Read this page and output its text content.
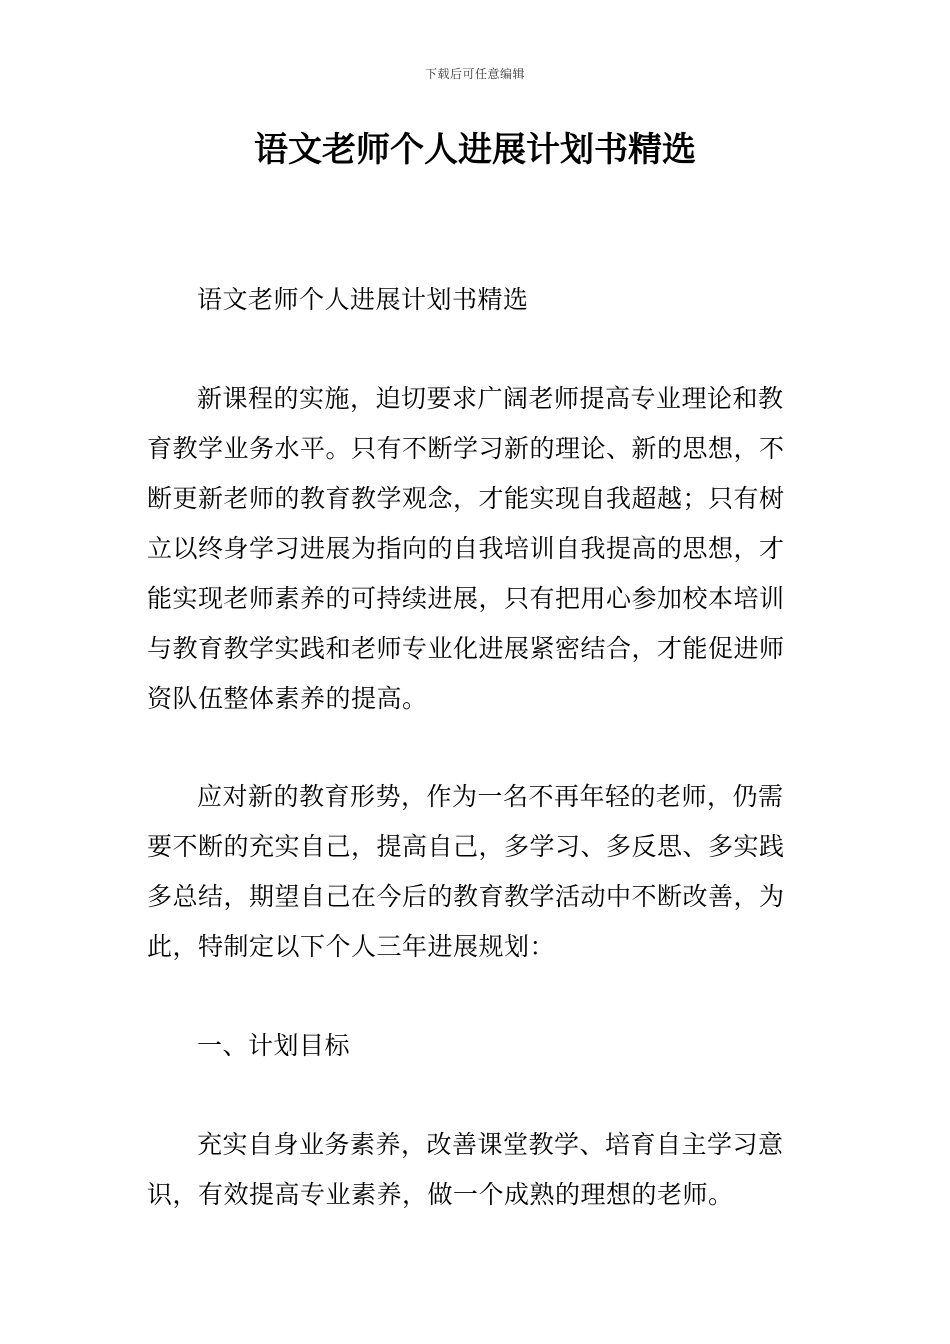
下载后可任意编辑
语文老师个人进展计划书精选

语文老师个人进展计划书精选

新课程的实施，迫切要求广阔老师提高专业理论和教育教学业务水平。只有不断学习新的理论、新的思想，不断更新老师的教育教学观念，才能实现自我超越；只有树立以终身学习进展为指向的自我培训自我提高的思想，才能实现老师素养的可持续进展，只有把用心参加校本培训与教育教学实践和老师专业化进展紧密结合，才能促进师资队伍整体素养的提高。

应对新的教育形势，作为一名不再年轻的老师，仍需要不断的充实自己，提高自己，多学习、多反思、多实践多总结，期望自己在今后的教育教学活动中不断改善，为此，特制定以下个人三年进展规划：

一、计划目标

充实自身业务素养，改善课堂教学、培育自主学习意识，有效提高专业素养，做一个成熟的理想的老师。
